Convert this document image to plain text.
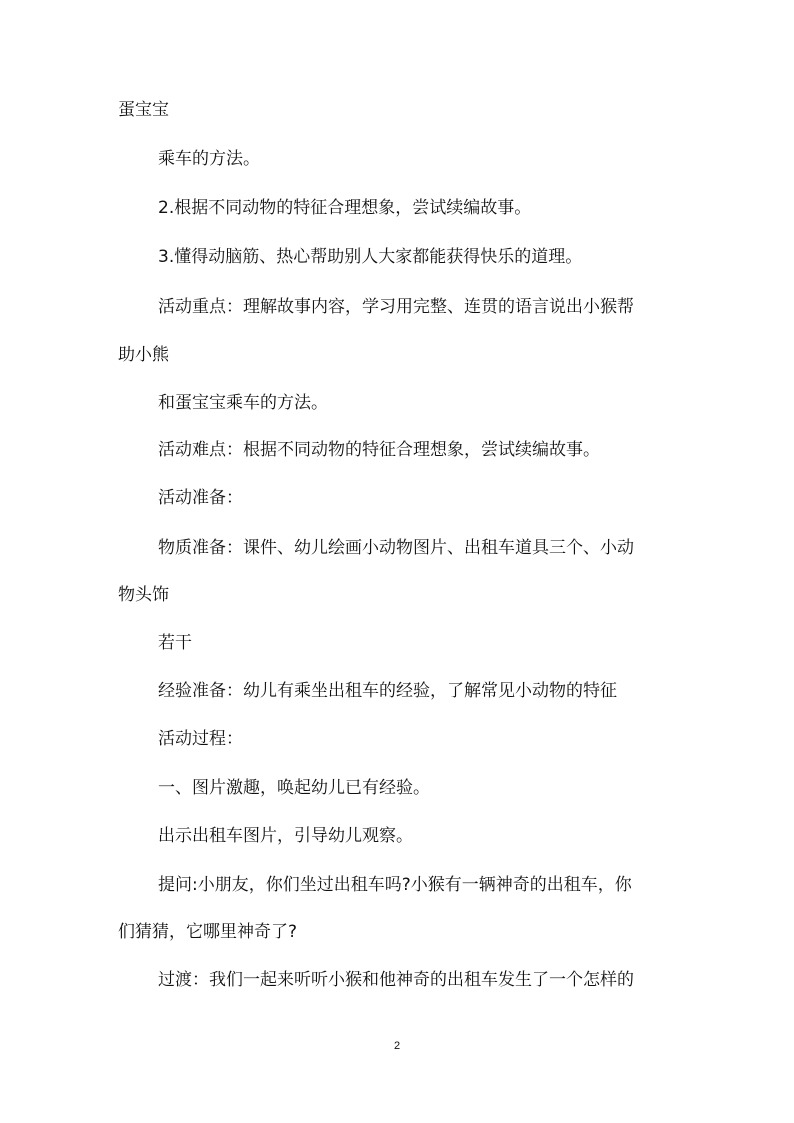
蛋宝宝
乘车的方法。
2.根据不同动物的特征合理想象，尝试续编故事。
3.懂得动脑筋、热心帮助别人大家都能获得快乐的道理。
活动重点：理解故事内容，学习用完整、连贯的语言说出小猴帮
助小熊
和蛋宝宝乘车的方法。
活动难点：根据不同动物的特征合理想象，尝试续编故事。
活动准备：
物质准备：课件、幼儿绘画小动物图片、出租车道具三个、小动
物头饰
若干
经验准备：幼儿有乘坐出租车的经验，了解常见小动物的特征
活动过程：
一、图片激趣，唤起幼儿已有经验。
出示出租车图片，引导幼儿观察。
提问:小朋友，你们坐过出租车吗?小猴有一辆神奇的出租车，你
们猜猜，它哪里神奇了?
过渡：我们一起来听听小猴和他神奇的出租车发生了一个怎样的
2
